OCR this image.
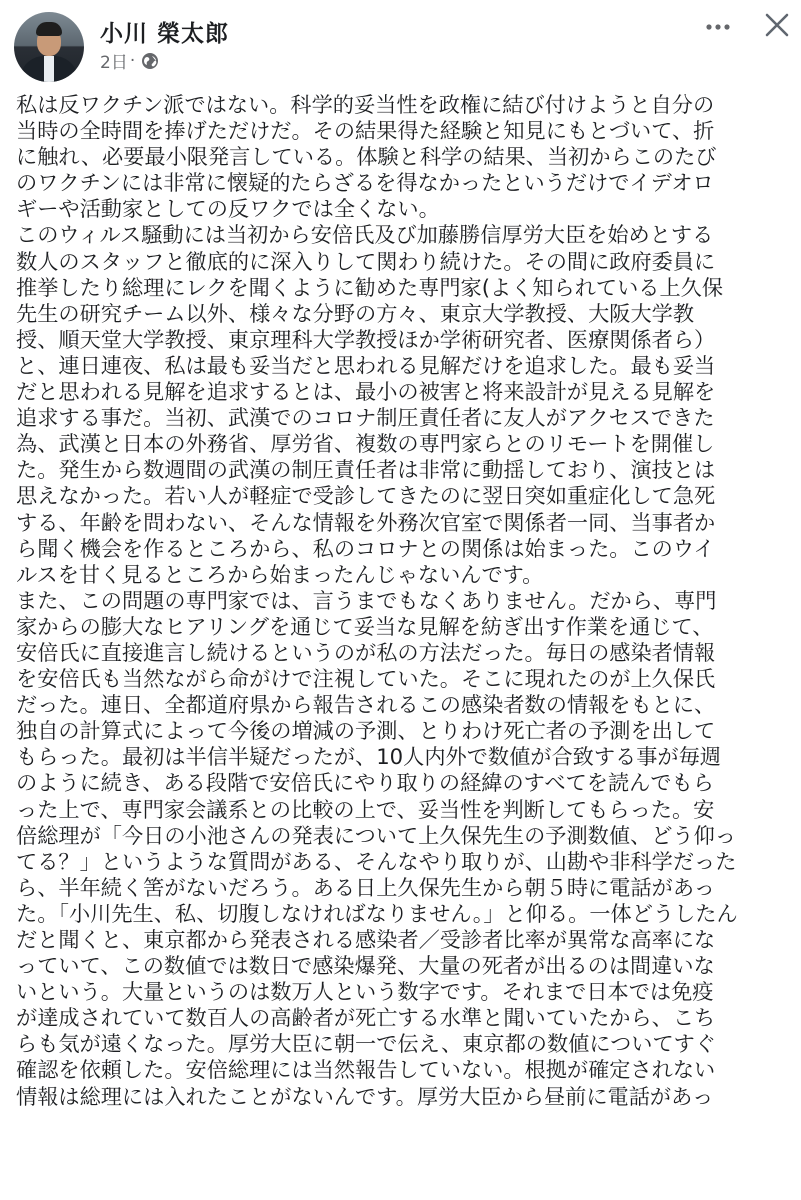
小川 榮太郎
2日 ·

私は反ワクチン派ではない。科学的妥当性を政権に結び付けようと自分の

当時の全時間を捧げただけだ。その結果得た経験と知見にもとづいて、折

に触れ、必要最小限発言している。体験と科学の結果、当初からこのたび

のワクチンには非常に懐疑的たらざるを得なかったというだけでイデオロ

ギーや活動家としての反ワクでは全くない。

このウィルス騒動には当初から安倍氏及び加藤勝信厚労大臣を始めとする

数人のスタッフと徹底的に深入りして関わり続けた。その間に政府委員に

推挙したり総理にレクを聞くように勧めた専門家(よく知られている上久保

先生の研究チーム以外、様々な分野の方々、東京大学教授、大阪大学教

授、順天堂大学教授、東京理科大学教授ほか学術研究者、医療関係者ら）

と、連日連夜、私は最も妥当だと思われる見解だけを追求した。最も妥当

だと思われる見解を追求するとは、最小の被害と将来設計が見える見解を

追求する事だ。当初、武漢でのコロナ制圧責任者に友人がアクセスできた

為、武漢と日本の外務省、厚労省、複数の専門家らとのリモートを開催し

た。発生から数週間の武漢の制圧責任者は非常に動揺しており、演技とは

思えなかった。若い人が軽症で受診してきたのに翌日突如重症化して急死

する、年齢を問わない、そんな情報を外務次官室で関係者一同、当事者か

ら聞く機会を作るところから、私のコロナとの関係は始まった。このウイ

ルスを甘く見るところから始まったんじゃないんです。

また、この問題の専門家では、言うまでもなくありません。だから、専門

家からの膨大なヒアリングを通じて妥当な見解を紡ぎ出す作業を通じて、

安倍氏に直接進言し続けるというのが私の方法だった。毎日の感染者情報

を安倍氏も当然ながら命がけで注視していた。そこに現れたのが上久保氏

だった。連日、全都道府県から報告されるこの感染者数の情報をもとに、

独自の計算式によって今後の増減の予測、とりわけ死亡者の予測を出して

もらった。最初は半信半疑だったが、10人内外で数値が合致する事が毎週

のように続き、ある段階で安倍氏にやり取りの経緯のすべてを読んでもら

った上で、専門家会議系との比較の上で、妥当性を判断してもらった。安

倍総理が「今日の小池さんの発表について上久保先生の予測数値、どう仰っ

てる？」というような質問がある、そんなやり取りが、山勘や非科学だった

ら、半年続く筈がないだろう。ある日上久保先生から朝５時に電話があっ

た。「小川先生、私、切腹しなければなりません。」と仰る。一体どうしたん

だと聞くと、東京都から発表される感染者／受診者比率が異常な高率にな

っていて、この数値では数日で感染爆発、大量の死者が出るのは間違いな

いという。大量というのは数万人という数字です。それまで日本では免疫

が達成されていて数百人の高齢者が死亡する水準と聞いていたから、こち

らも気が遠くなった。厚労大臣に朝一で伝え、東京都の数値についてすぐ

確認を依頼した。安倍総理には当然報告していない。根拠が確定されない

情報は総理には入れたことがないんです。厚労大臣から昼前に電話があっ
